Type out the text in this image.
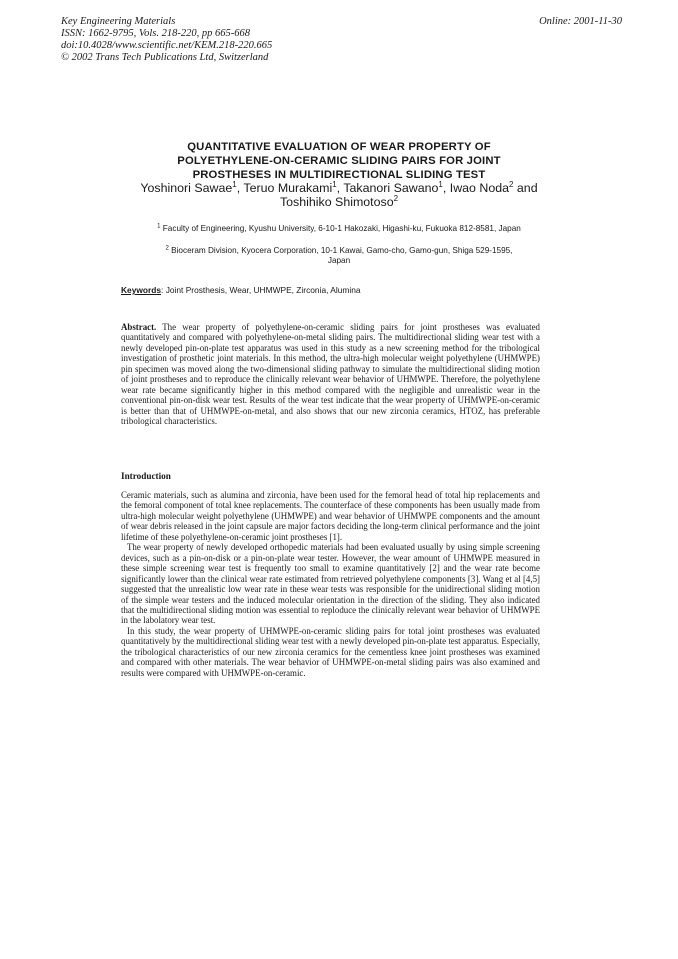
Key Engineering Materials
ISSN: 1662-9795, Vols. 218-220, pp 665-668
doi:10.4028/www.scientific.net/KEM.218-220.665
© 2002 Trans Tech Publications Ltd, Switzerland
Online: 2001-11-30
QUANTITATIVE EVALUATION OF WEAR PROPERTY OF
POLYETHYLENE-ON-CERAMIC SLIDING PAIRS FOR JOINT
PROSTHESES IN MULTIDIRECTIONAL SLIDING TEST
Yoshinori Sawae$^1$, Teruo Murakami$^1$, Takanori Sawano$^1$, Iwao Noda$^2$ and
Toshihiko Shimotoso$^2$
$^1$ Faculty of Engineering, Kyushu University, 6-10-1 Hakozaki, Higashi-ku, Fukuoka 812-8581, Japan
$^2$ Bioceram Division, Kyocera Corporation, 10-1 Kawai, Gamo-cho, Gamo-gun, Shiga 529-1595,
Japan
Keywords: Joint Prosthesis, Wear, UHMWPE, Zirconia, Alumina

Abstract. The wear property of polyethylene-on-ceramic sliding pairs for joint prostheses was evaluated quantitatively and compared with polyethylene-on-metal sliding pairs. The multidirectional sliding wear test with a newly developed pin-on-plate test apparatus was used in this study as a new screening method for the tribological investigation of prosthetic joint materials. In this method, the ultra-high molecular weight polyethylene (UHMWPE) pin specimen was moved along the two-dimensional sliding pathway to simulate the multidirectional sliding motion of joint prostheses and to reproduce the clinically relevant wear behavior of UHMWPE. Therefore, the polyethylene wear rate became significantly higher in this method compared with the negligible and unrealistic wear in the conventional pin-on-disk wear test. Results of the wear test indicate that the wear property of UHMWPE-on-ceramic is better than that of UHMWPE-on-metal, and also shows that our new zirconia ceramics, HTOZ, has preferable tribological characteristics.

Introduction

Ceramic materials, such as alumina and zirconia, have been used for the femoral head of total hip replacements and the femoral component of total knee replacements. The counterface of these components has been usually made from ultra-high molecular weight polyethylene (UHMWPE) and wear behavior of UHMWPE components and the amount of wear debris released in the joint capsule are major factors deciding the long-term clinical performance and the joint lifetime of these polyethylene-on-ceramic joint prostheses [1].

The wear property of newly developed orthopedic materials had been evaluated usually by using simple screening devices, such as a pin-on-disk or a pin-on-plate wear tester. However, the wear amount of UHMWPE measured in these simple screening wear test is frequently too small to examine quantitatively [2] and the wear rate become significantly lower than the clinical wear rate estimated from retrieved polyethylene components [3]. Wang et al [4,5] suggested that the unrealistic low wear rate in these wear tests was responsible for the unidirectional sliding motion of the simple wear testers and the induced molecular orientation in the direction of the sliding. They also indicated that the multidirectional sliding motion was essential to reploduce the clinically relevant wear behavior of UHMWPE in the labolatory wear test.

In this study, the wear property of UHMWPE-on-ceramic sliding pairs for total joint prostheses was evaluated quantitatively by the multidirectional sliding wear test with a newly developed pin-on-plate test apparatus. Especially, the tribological characteristics of our new zirconia ceramics for the cementless knee joint prostheses was examined and compared with other materials. The wear behavior of UHMWPE-on-metal sliding pairs was also examined and results were compared with UHMWPE-on-ceramic.
